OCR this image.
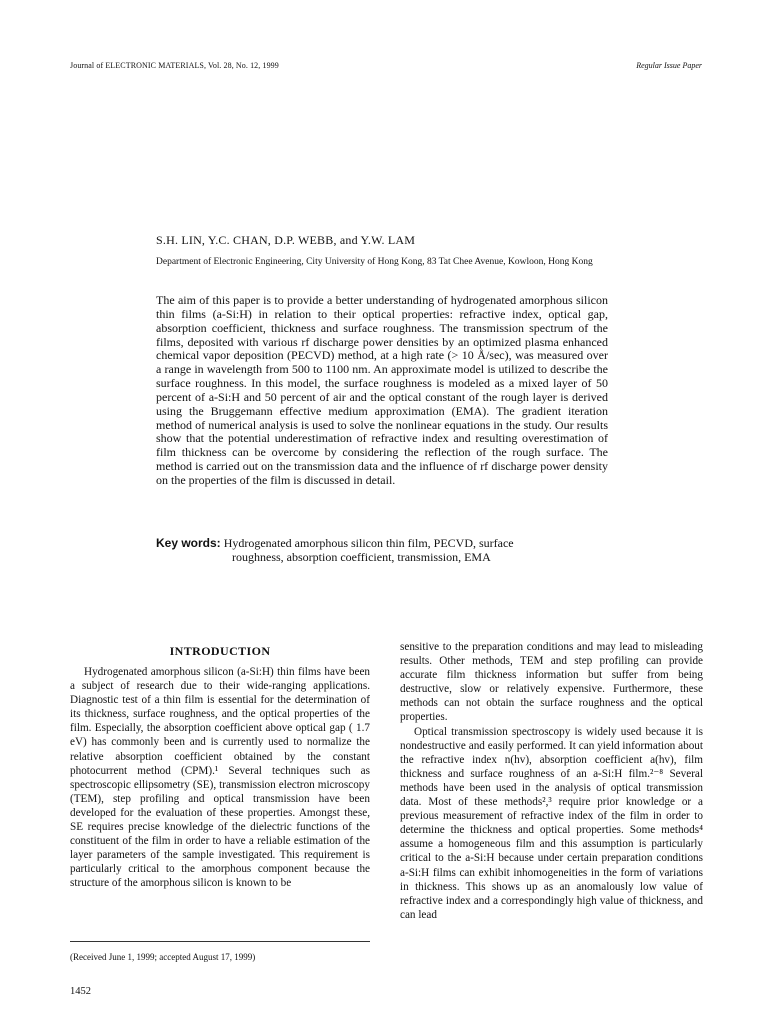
Journal of ELECTRONIC MATERIALS, Vol. 28, No. 12, 1999	Regular Issue Paper
S.H. LIN, Y.C. CHAN, D.P. WEBB, and Y.W. LAM
Department of Electronic Engineering, City University of Hong Kong, 83 Tat Chee Avenue, Kowloon, Hong Kong

The aim of this paper is to provide a better understanding of hydrogenated amorphous silicon thin films (a-Si:H) in relation to their optical properties: refractive index, optical gap, absorption coefficient, thickness and surface roughness. The transmission spectrum of the films, deposited with various rf discharge power densities by an optimized plasma enhanced chemical vapor deposition (PECVD) method, at a high rate (> 10 Å/sec), was measured over a range in wavelength from 500 to 1100 nm. An approximate model is utilized to describe the surface roughness. In this model, the surface roughness is modeled as a mixed layer of 50 percent of a-Si:H and 50 percent of air and the optical constant of the rough layer is derived using the Bruggemann effective medium approximation (EMA). The gradient iteration method of numerical analysis is used to solve the nonlinear equations in the study. Our results show that the potential underestimation of refractive index and resulting overestimation of film thickness can be overcome by considering the reflection of the rough surface. The method is carried out on the transmission data and the influence of rf discharge power density on the properties of the film is discussed in detail.

Key words: Hydrogenated amorphous silicon thin film, PECVD, surface
roughness, absorption coefficient, transmission, EMA
INTRODUCTION

Hydrogenated amorphous silicon (a-Si:H) thin films have been a subject of research due to their wide-ranging applications. Diagnostic test of a thin film is essential for the determination of its thickness, surface roughness, and the optical properties of the film. Especially, the absorption coefficient above optical gap ( 1.7 eV) has commonly been and is currently used to normalize the relative absorption coefficient obtained by the constant photocurrent method (CPM).¹ Several techniques such as spectroscopic ellipsometry (SE), transmission electron microscopy (TEM), step profiling and optical transmission have been developed for the evaluation of these properties. Amongst these, SE requires precise knowledge of the dielectric functions of the constituent of the film in order to have a reliable estimation of the layer parameters of the sample investigated. This requirement is particularly critical to the amorphous component because the structure of the amorphous silicon is known to be

sensitive to the preparation conditions and may lead to misleading results. Other methods, TEM and step profiling can provide accurate film thickness information but suffer from being destructive, slow or relatively expensive. Furthermore, these methods can not obtain the surface roughness and the optical properties.

Optical transmission spectroscopy is widely used because it is nondestructive and easily performed. It can yield information about the refractive index n(hv), absorption coefficient a(hv), film thickness and surface roughness of an a-Si:H film.²⁻⁸ Several methods have been used in the analysis of optical transmission data. Most of these methods²,³ require prior knowledge or a previous measurement of refractive index of the film in order to determine the thickness and optical properties. Some methods⁴ assume a homogeneous film and this assumption is particularly critical to the a-Si:H because under certain preparation conditions a-Si:H films can exhibit inhomogeneities in the form of variations in thickness. This shows up as an anomalously low value of refractive index and a correspondingly high value of thickness, and can lead

(Received June 1, 1999; accepted August 17, 1999)
1452
